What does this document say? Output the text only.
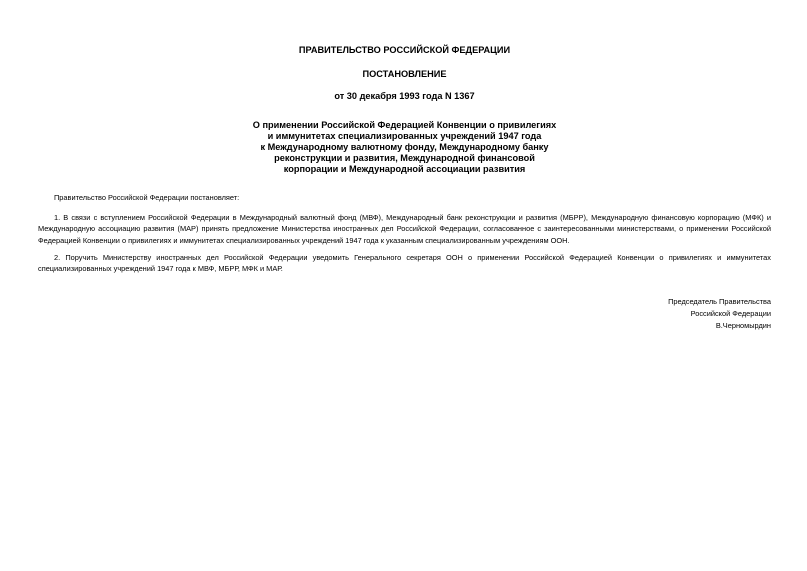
ПРАВИТЕЛЬСТВО РОССИЙСКОЙ ФЕДЕРАЦИИ
ПОСТАНОВЛЕНИЕ
от 30 декабря 1993 года N 1367
О применении Российской Федерацией Конвенции о привилегиях
и иммунитетах специализированных учреждений 1947 года
к Международному валютному фонду, Международному банку
реконструкции и развития, Международной финансовой
корпорации и Международной ассоциации развития
Правительство Российской Федерации постановляет:
1. В связи с вступлением Российской Федерации в Международный валютный фонд (МВФ), Международный банк реконструкции и развития (МБРР), Международную финансовую корпорацию (МФК) и Международную ассоциацию развития (МАР) принять предложение Министерства иностранных дел Российской Федерации, согласованное с заинтересованными министерствами, о применении Российской Федерацией Конвенции о привилегиях и иммунитетах специализированных учреждений 1947 года к указанным специализированным учреждениям ООН.
2. Поручить Министерству иностранных дел Российской Федерации уведомить Генерального секретаря ООН о применении Российской Федерацией Конвенции о привилегиях и иммунитетах специализированных учреждений 1947 года к МВФ, МБРР, МФК и МАР.
Председатель Правительства
Российской Федерации
В.Черномырдин
